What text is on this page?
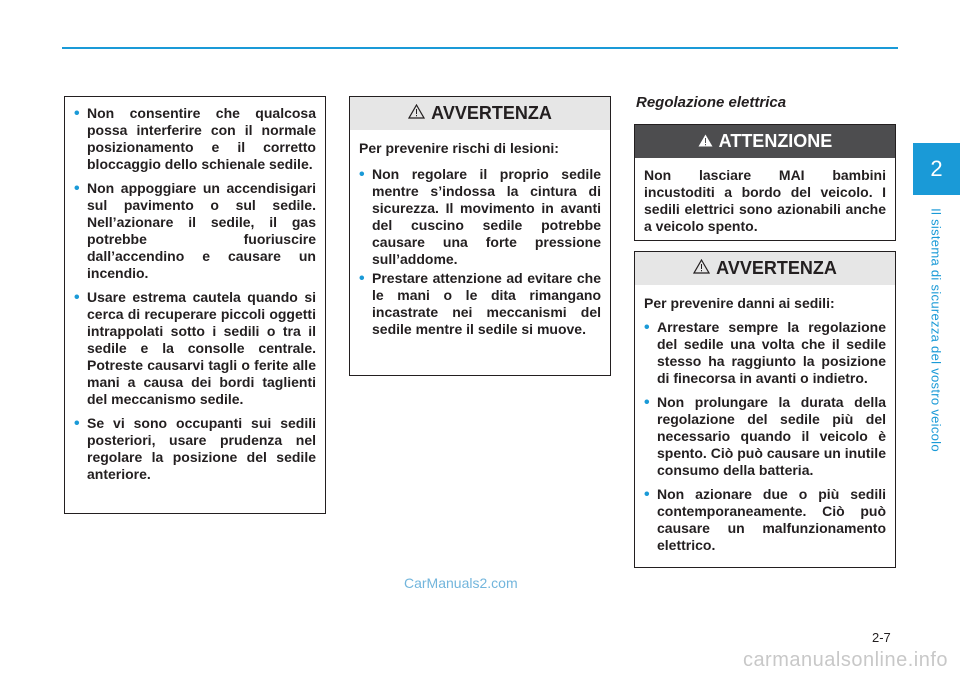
2
Il sistema di sicurezza del vostro veicolo
• Non consentire che qualcosa possa interferire con il normale posizionamento e il corretto bloccaggio dello schienale sedile.
• Non appoggiare un accendisigari sul pavimento o sul sedile. Nell’azionare il sedile, il gas potrebbe fuoriuscire dall’accendino e causare un incendio.
• Usare estrema cautela quando si cerca di recuperare piccoli oggetti intrappolati sotto i sedili o tra il sedile e la consolle centrale. Potreste causarvi tagli o ferite alle mani a causa dei bordi taglienti del meccanismo sedile.
• Se vi sono occupanti sui sedili posteriori, usare prudenza nel regolare la posizione del sedile anteriore.
AVVERTENZA
Per prevenire rischi di lesioni:
• Non regolare il proprio sedile mentre s’indossa la cintura di sicurezza. Il movimento in avanti del cuscino sedile potrebbe causare una forte pressione sull’addome.
• Prestare attenzione ad evitare che le mani o le dita rimangano incastrate nei meccanismi del sedile mentre il sedile si muove.
Regolazione elettrica
ATTENZIONE
Non lasciare MAI bambini incustoditi a bordo del veicolo. I sedili elettrici sono azionabili anche a veicolo spento.
AVVERTENZA
Per prevenire danni ai sedili:
• Arrestare sempre la regolazione del sedile una volta che il sedile stesso ha raggiunto la posizione di finecorsa in avanti o indietro.
• Non prolungare la durata della regolazione del sedile più del necessario quando il veicolo è spento. Ciò può causare un inutile consumo della batteria.
• Non azionare due o più sedili contemporaneamente. Ciò può causare un malfunzionamento elettrico.
CarManuals2.com
2-7
carmanualsonline.info
